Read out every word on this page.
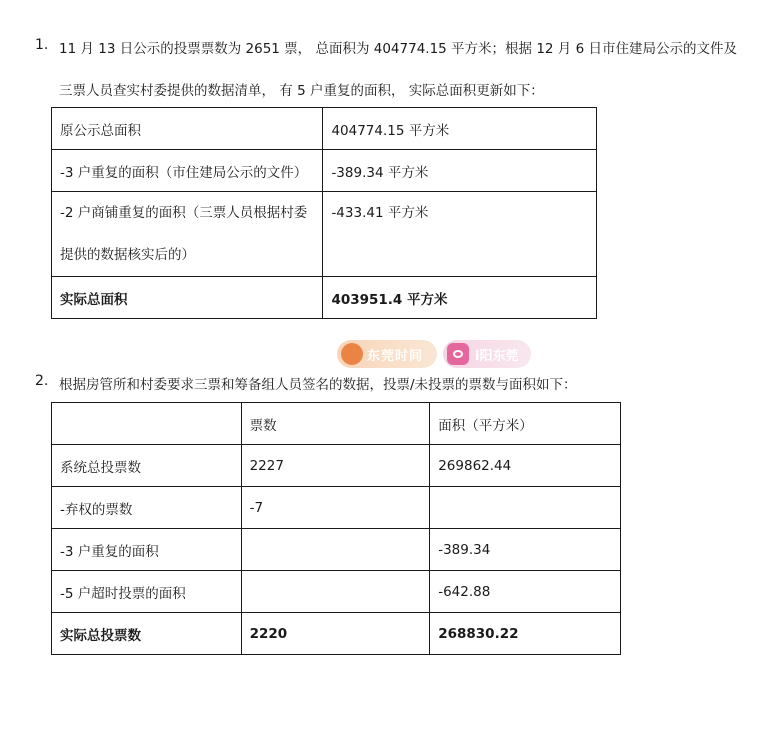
1. 11 月 13 日公示的投票票数为 2651 票， 总面积为 404774.15 平方米；根据 12 月 6 日市住建局公示的文件及
三票人员查实村委提供的数据清单， 有 5 户重复的面积， 实际总面积更新如下：
原公示总面积	404774.15 平方米
-3 户重复的面积（市住建局公示的文件）	-389.34 平方米

-2 户商铺重复的面积（三票人员根据村委
提供的数据核实后的）	-433.41 平方米

实际总面积	403951.4 平方米
东莞时间	i阳东莞
2. 根据房管所和村委要求三票和筹备组人员签名的数据，投票/未投票的票数与面积如下：
	票数	面积（平方米）
系统总投票数	2227	269862.44
-弃权的票数	-7	
-3 户重复的面积		-389.34
-5 户超时投票的面积		-642.88
实际总投票数	2220	268830.22
